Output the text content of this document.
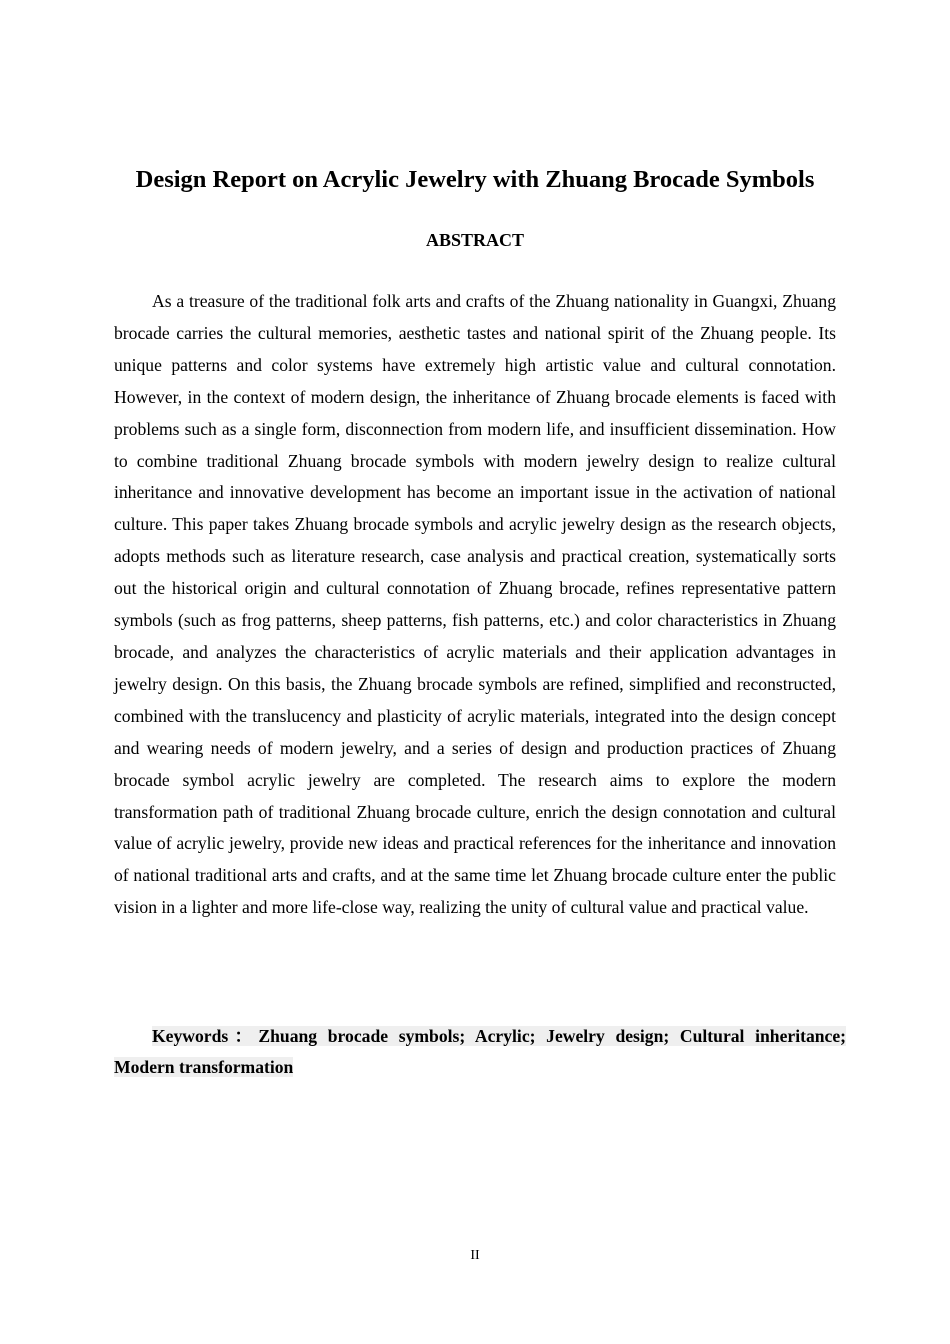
Design Report on Acrylic Jewelry with Zhuang Brocade Symbols
ABSTRACT

As a treasure of the traditional folk arts and crafts of the Zhuang nationality in Guangxi, Zhuang brocade carries the cultural memories, aesthetic tastes and national spirit of the Zhuang people. Its unique patterns and color systems have extremely high artistic value and cultural connotation. However, in the context of modern design, the inheritance of Zhuang brocade elements is faced with problems such as a single form, disconnection from modern life, and insufficient dissemination. How to combine traditional Zhuang brocade symbols with modern jewelry design to realize cultural inheritance and innovative development has become an important issue in the activation of national culture. This paper takes Zhuang brocade symbols and acrylic jewelry design as the research objects, adopts methods such as literature research, case analysis and practical creation, systematically sorts out the historical origin and cultural connotation of Zhuang brocade, refines representative pattern symbols (such as frog patterns, sheep patterns, fish patterns, etc.) and color characteristics in Zhuang brocade, and analyzes the characteristics of acrylic materials and their application advantages in jewelry design. On this basis, the Zhuang brocade symbols are refined, simplified and reconstructed, combined with the translucency and plasticity of acrylic materials, integrated into the design concept and wearing needs of modern jewelry, and a series of design and production practices of Zhuang brocade symbol acrylic jewelry are completed. The research aims to explore the modern transformation path of traditional Zhuang brocade culture, enrich the design connotation and cultural value of acrylic jewelry, provide new ideas and practical references for the inheritance and innovation of national traditional arts and crafts, and at the same time let Zhuang brocade culture enter the public vision in a lighter and more life-close way, realizing the unity of cultural value and practical value.

Keywords：Zhuang brocade symbols; Acrylic; Jewelry design; Cultural inheritance; Modern transformation

II
